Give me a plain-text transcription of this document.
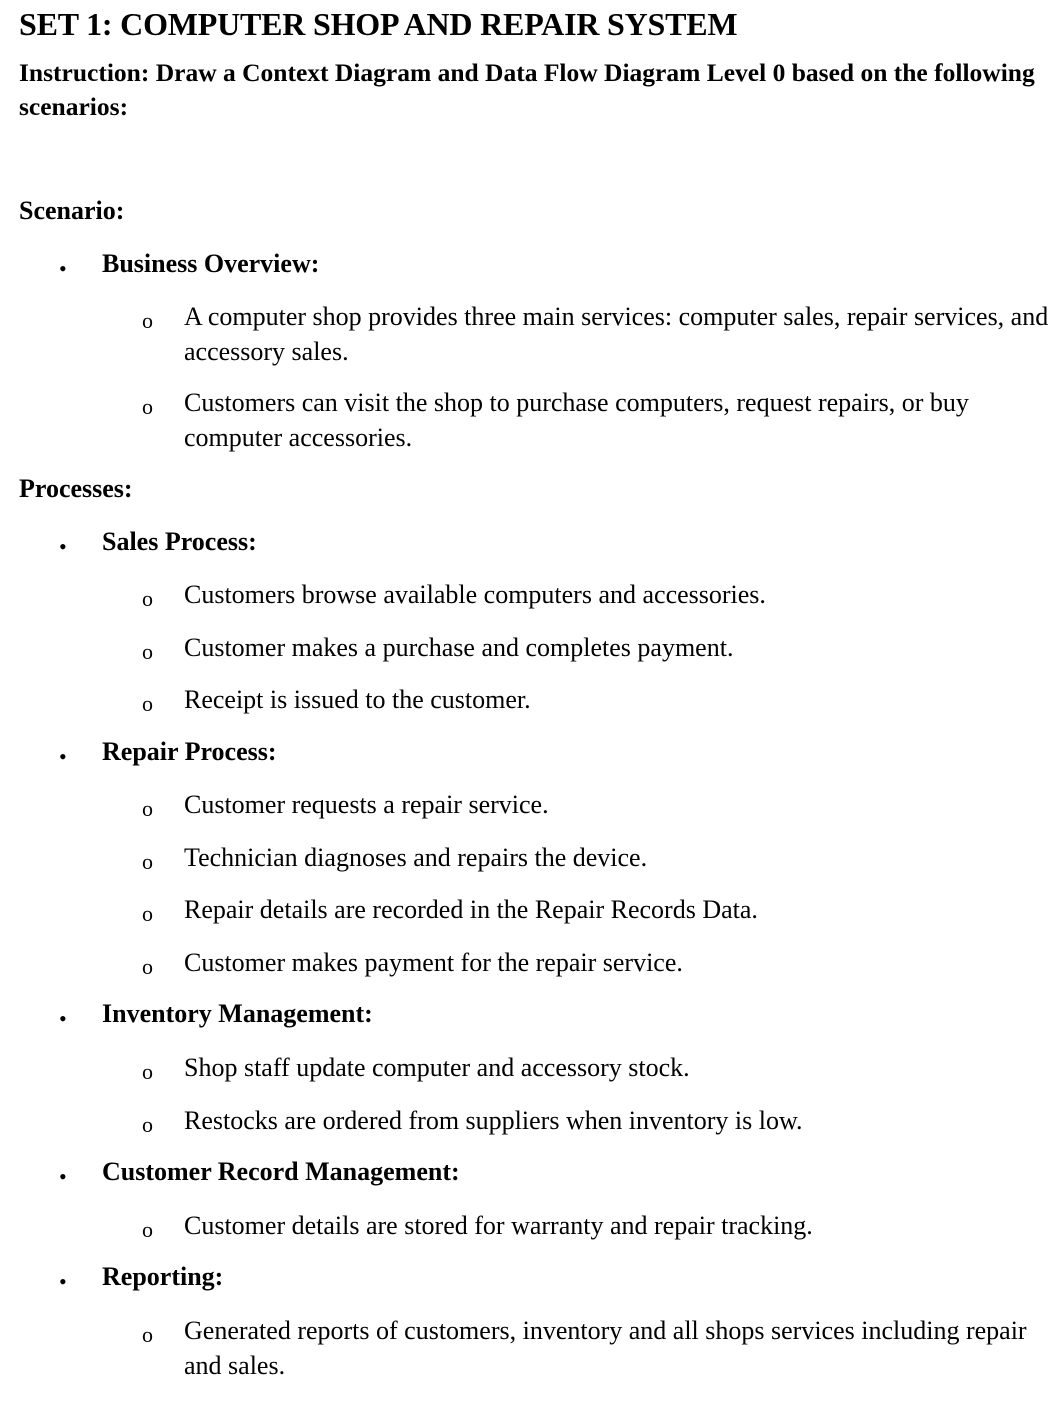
SET 1: COMPUTER SHOP AND REPAIR SYSTEM
Instruction: Draw a Context Diagram and Data Flow Diagram Level 0 based on the following scenarios:
Scenario:
• Business Overview:
o A computer shop provides three main services: computer sales, repair services, and accessory sales.
o Customers can visit the shop to purchase computers, request repairs, or buy computer accessories.
Processes:
• Sales Process:
o Customers browse available computers and accessories.
o Customer makes a purchase and completes payment.
o Receipt is issued to the customer.
• Repair Process:
o Customer requests a repair service.
o Technician diagnoses and repairs the device.
o Repair details are recorded in the Repair Records Data.
o Customer makes payment for the repair service.
• Inventory Management:
o Shop staff update computer and accessory stock.
o Restocks are ordered from suppliers when inventory is low.
• Customer Record Management:
o Customer details are stored for warranty and repair tracking.
• Reporting:
o Generated reports of customers, inventory and all shops services including repair and sales.
